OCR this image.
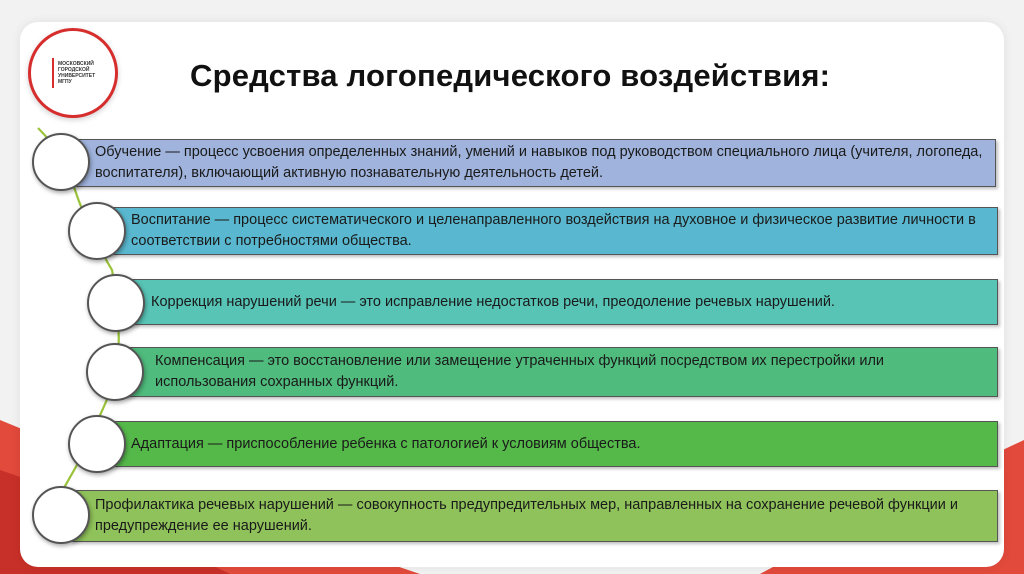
МОСКОВСКИЙ ГОРОДСКОЙ УНИВЕРСИТЕТ МГПУ	Средства логопедического воздействия:
Обучение — процесс усвоения определенных знаний, умений и навыков под руководством специального лица (учителя, логопеда, воспитателя), включающий активную познавательную деятельность детей.
Воспитание — процесс систематического и целенаправленного воздействия на духовное и физическое развитие личности в соответствии с потребностями общества.
Коррекция нарушений речи — это исправление недостатков речи, преодоление речевых нарушений.
Компенсация — это восстановление или замещение утраченных функций посредством их перестройки или использования сохранных функций.
Адаптация — приспособление ребенка с патологией к условиям общества.
Профилактика речевых нарушений — совокупность предупредительных мер, направленных на сохранение речевой функции и предупреждение ее нарушений.
